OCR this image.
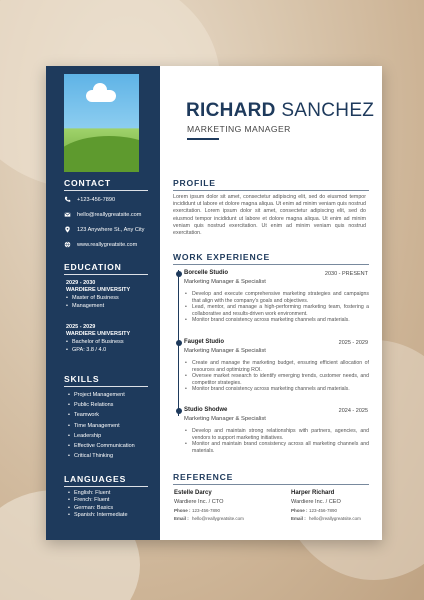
CONTACT
+123-456-7890
hello@reallygreatsite.com
123 Anywhere St., Any City
www.reallygreatsite.com
EDUCATION
2029 - 2030
WARDIERE UNIVERSITY
• Master of Business
• Management
2025 - 2029
WARDIERE UNIVERSITY
• Bachelor of Business
• GPA: 3.8 / 4.0
SKILLS
• Project Management
• Public Relations
• Teamwork
• Time Management
• Leadership
• Effective Communication
• Critical Thinking
LANGUAGES
• English: Fluent
• French: Fluent
• German: Basics
• Spanish: Intermediate
RICHARD SANCHEZ
MARKETING MANAGER
PROFILE
Lorem ipsum dolor sit amet, consectetur adipiscing elit, sed do eiusmod tempor incididunt ut labore et dolore magna aliqua. Ut enim ad minim veniam quis nostrud exercitation. Lorem ipsum dolor sit amet, consectetur adipiscing elit, sed do eiusmod tempor incididunt ut labore et dolore magna aliqua. Ut enim ad minim veniam quis nostrud exercitation. Ut enim ad minim veniam quis nostrud exercitation.
WORK EXPERIENCE
Borcelle Studio	2030 - PRESENT
Marketing Manager & Specialist
• Develop and execute comprehensive marketing strategies and campaigns that align with the company's goals and objectives.
• Lead, mentor, and manage a high-performing marketing team, fostering a collaborative and results-driven work environment.
• Monitor brand consistency across marketing channels and materials.
Fauget Studio	2025 - 2029
Marketing Manager & Specialist
• Create and manage the marketing budget, ensuring efficient allocation of resources and optimizing ROI.
• Oversee market research to identify emerging trends, customer needs, and competitor strategies.
• Monitor brand consistency across marketing channels and materials.
Studio Shodwe	2024 - 2025
Marketing Manager & Specialist
• Develop and maintain strong relationships with partners, agencies, and vendors to support marketing initiatives.
• Monitor and maintain brand consistency across all marketing channels and materials.
REFERENCE
Estelle Darcy
Wardiere Inc. / CTO
Phone : 123-456-7890
Email : hello@reallygreatsite.com
Harper Richard
Wardiere Inc. / CEO
Phone : 123-456-7890
Email : hello@reallygreatsite.com
